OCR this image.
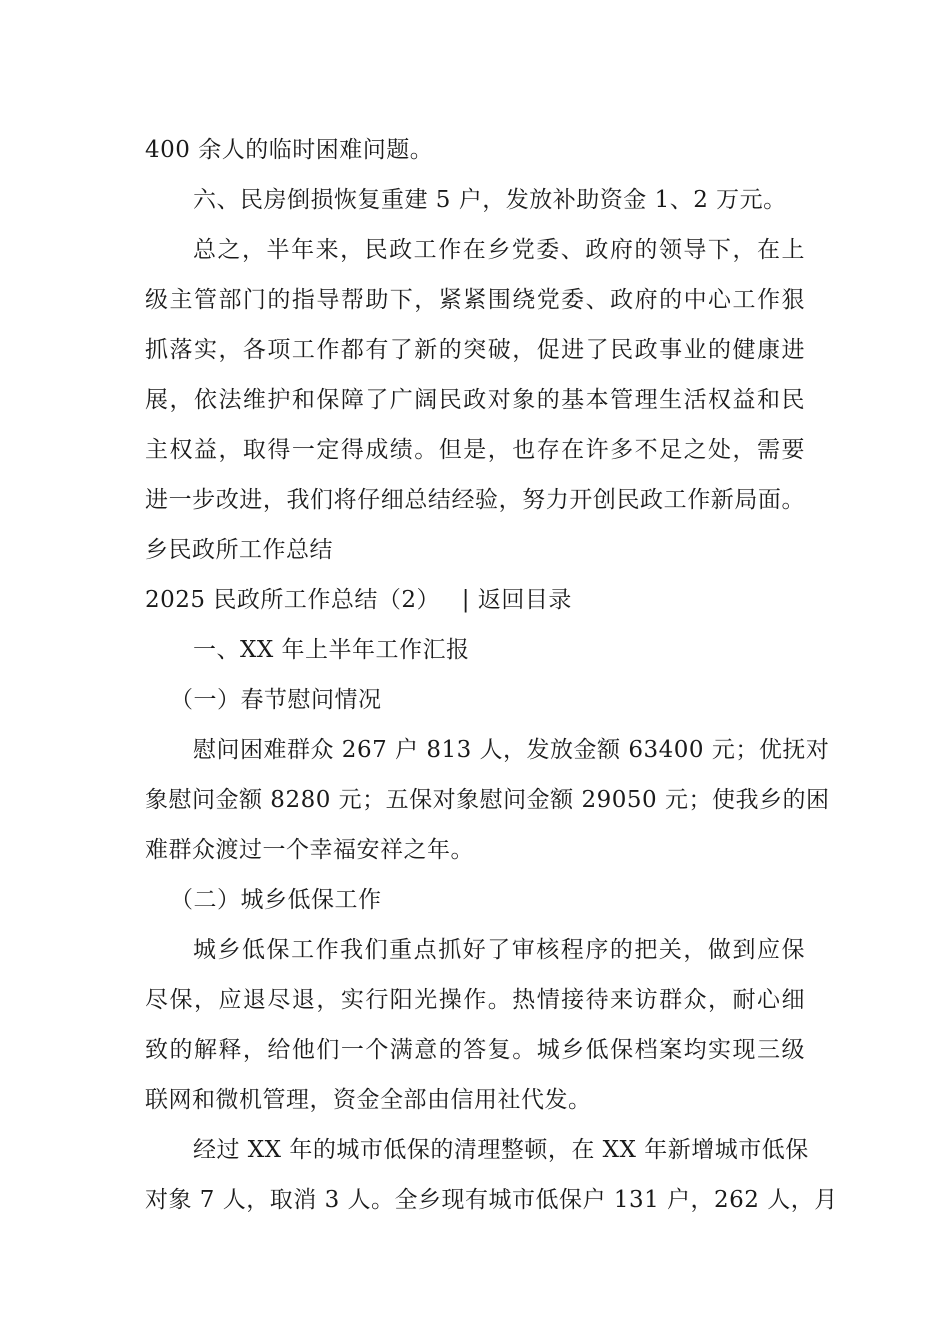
400 余人的临时困难问题。
六、民房倒损恢复重建 5 户，发放补助资金 1、2 万元。
总之，半年来，民政工作在乡党委、政府的领导下，在上
级主管部门的指导帮助下，紧紧围绕党委、政府的中心工作狠
抓落实，各项工作都有了新的突破，促进了民政事业的健康进
展，依法维护和保障了广阔民政对象的基本管理生活权益和民
主权益，取得一定得成绩。但是，也存在许多不足之处，需要
进一步改进，我们将仔细总结经验，努力开创民政工作新局面。
乡民政所工作总结
2025 民政所工作总结（2） | 返回目录
一、XX 年上半年工作汇报
（一）春节慰问情况
慰问困难群众 267 户 813 人，发放金额 63400 元；优抚对
象慰问金额 8280 元；五保对象慰问金额 29050 元；使我乡的困
难群众渡过一个幸福安祥之年。
（二）城乡低保工作
城乡低保工作我们重点抓好了审核程序的把关，做到应保
尽保，应退尽退，实行阳光操作。热情接待来访群众，耐心细
致的解释，给他们一个满意的答复。城乡低保档案均实现三级
联网和微机管理，资金全部由信用社代发。
经过 XX 年的城市低保的清理整顿，在 XX 年新增城市低保
对象 7 人，取消 3 人。全乡现有城市低保户 131 户，262 人，月
